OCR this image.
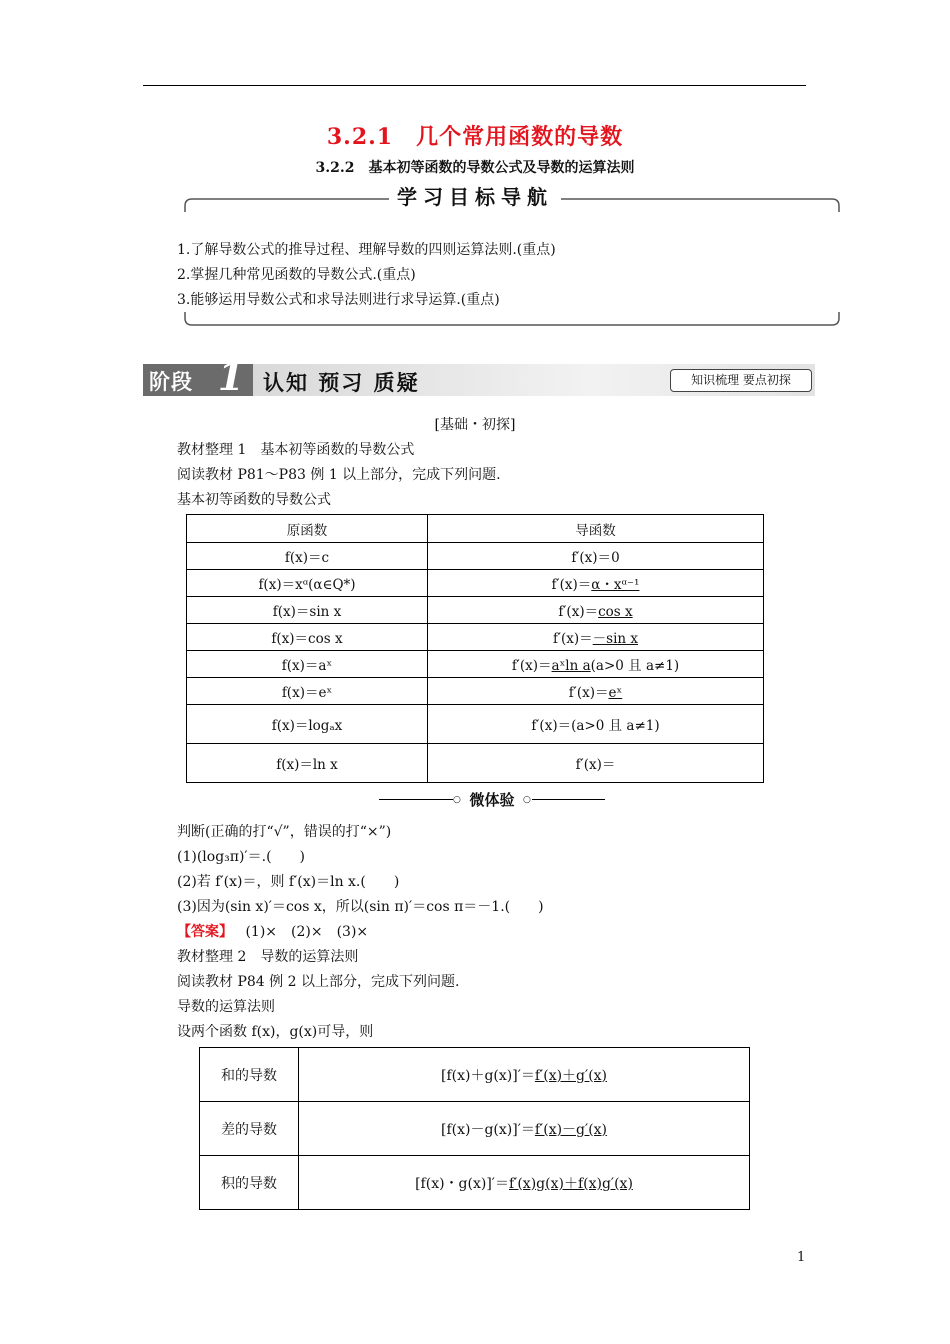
3.2.1　几个常用函数的导数
3.2.2　基本初等函数的导数公式及导数的运算法则
学习目标导航
1.了解导数公式的推导过程、理解导数的四则运算法则.(重点)
2.掌握几种常见函数的导数公式.(重点)
3.能够运用导数公式和求导法则进行求导运算.(重点)
阶段 1 认知 预习 质疑	知识梳理 要点初探
[基础・初探]
教材整理 1　基本初等函数的导数公式
阅读教材 P81～P83 例 1 以上部分，完成下列问题.
基本初等函数的导数公式
原函数	导函数
f(x)＝c	f′(x)＝0
f(x)＝xᵅ(α∈Q*)	f′(x)＝α・xᵅ⁻¹
f(x)＝sin x	f′(x)＝cos x
f(x)＝cos x	f′(x)＝－sin x
f(x)＝aˣ	f′(x)＝aˣln a(a>0 且 a≠1)
f(x)＝eˣ	f′(x)＝eˣ
f(x)＝logₐx	f′(x)＝(a>0 且 a≠1)
f(x)＝ln x	f′(x)＝
○ 微体验 ○
判断(正确的打“√”，错误的打“×”)
(1)(log₃π)′＝.(　　)
(2)若 f′(x)＝，则 f′(x)＝ln x.(　　)
(3)因为(sin x)′＝cos x，所以(sin π)′＝cos π＝－1.(　　)
【答案】 (1)×　(2)×　(3)×
教材整理 2　导数的运算法则
阅读教材 P84 例 2 以上部分，完成下列问题.
导数的运算法则
设两个函数 f(x)，g(x)可导，则
和的导数	[f(x)＋g(x)]′＝f′(x)＋g′(x)
差的导数	[f(x)－g(x)]′＝f′(x)－g′(x)
积的导数	[f(x)・g(x)]′＝f′(x)g(x)＋f(x)g′(x)
1
